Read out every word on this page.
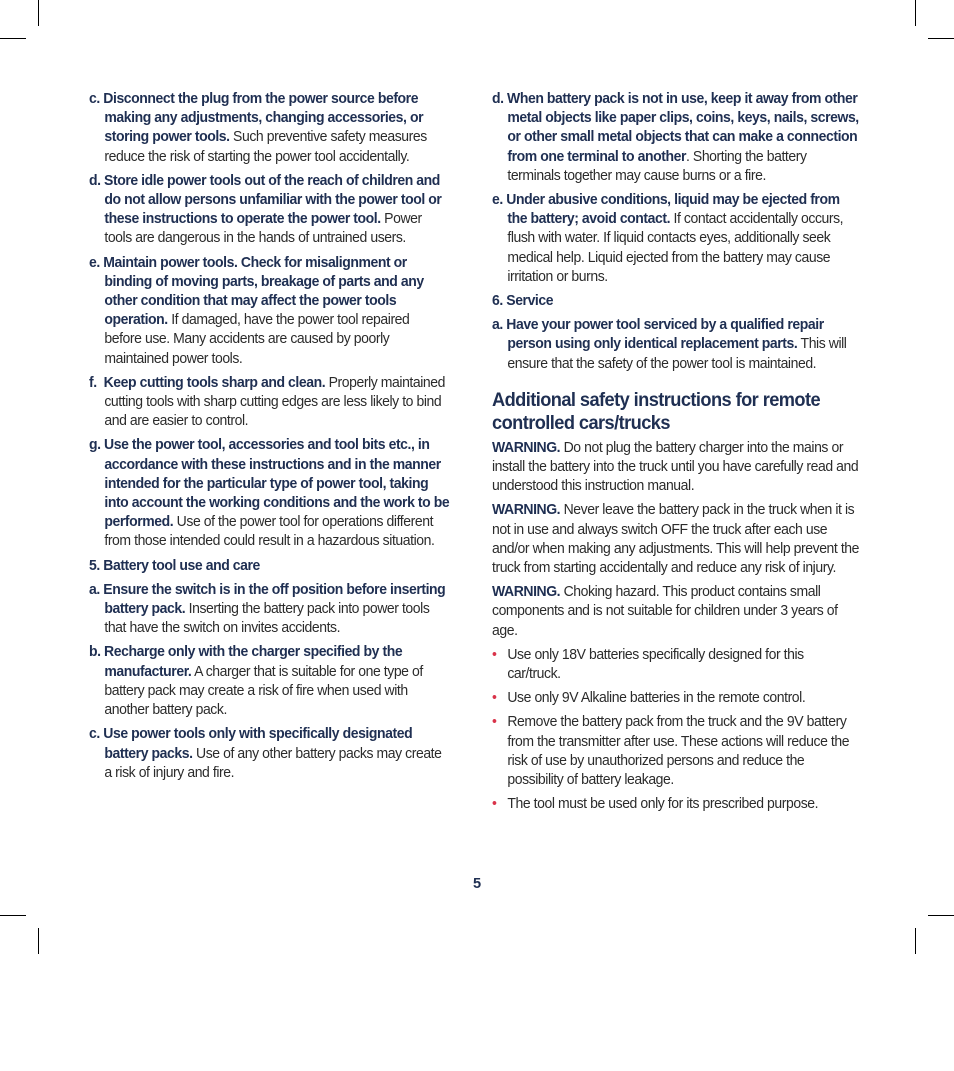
c. Disconnect the plug from the power source before making any adjustments, changing accessories, or storing power tools. Such preventive safety measures reduce the risk of starting the power tool accidentally.
d. Store idle power tools out of the reach of children and do not allow persons unfamiliar with the power tool or these instructions to operate the power tool. Power tools are dangerous in the hands of untrained users.
e. Maintain power tools. Check for misalignment or binding of moving parts, breakage of parts and any other condition that may affect the power tools operation. If damaged, have the power tool repaired before use. Many accidents are caused by poorly maintained power tools.
f. Keep cutting tools sharp and clean. Properly maintained cutting tools with sharp cutting edges are less likely to bind and are easier to control.
g. Use the power tool, accessories and tool bits etc., in accordance with these instructions and in the manner intended for the particular type of power tool, taking into account the working conditions and the work to be performed. Use of the power tool for operations different from those intended could result in a hazardous situation.
5. Battery tool use and care
a. Ensure the switch is in the off position before inserting battery pack. Inserting the battery pack into power tools that have the switch on invites accidents.
b. Recharge only with the charger specified by the manufacturer. A charger that is suitable for one type of battery pack may create a risk of fire when used with another battery pack.
c. Use power tools only with specifically designated battery packs. Use of any other battery packs may create a risk of injury and fire.
d. When battery pack is not in use, keep it away from other metal objects like paper clips, coins, keys, nails, screws, or other small metal objects that can make a connection from one terminal to another. Shorting the battery terminals together may cause burns or a fire.
e. Under abusive conditions, liquid may be ejected from the battery; avoid contact. If contact accidentally occurs, flush with water. If liquid contacts eyes, additionally seek medical help. Liquid ejected from the battery may cause irritation or burns.
6. Service
a. Have your power tool serviced by a qualified repair person using only identical replacement parts. This will ensure that the safety of the power tool is maintained.
Additional safety instructions for remote controlled cars/trucks
WARNING. Do not plug the battery charger into the mains or install the battery into the truck until you have carefully read and understood this instruction manual.
WARNING. Never leave the battery pack in the truck when it is not in use and always switch OFF the truck after each use and/or when making any adjustments. This will help prevent the truck from starting accidentally and reduce any risk of injury.
WARNING. Choking hazard. This product contains small components and is not suitable for children under 3 years of age.
• Use only 18V batteries specifically designed for this car/truck.
• Use only 9V Alkaline batteries in the remote control.
• Remove the battery pack from the truck and the 9V battery from the transmitter after use. These actions will reduce the risk of use by unauthorized persons and reduce the possibility of battery leakage.
• The tool must be used only for its prescribed purpose.
5
